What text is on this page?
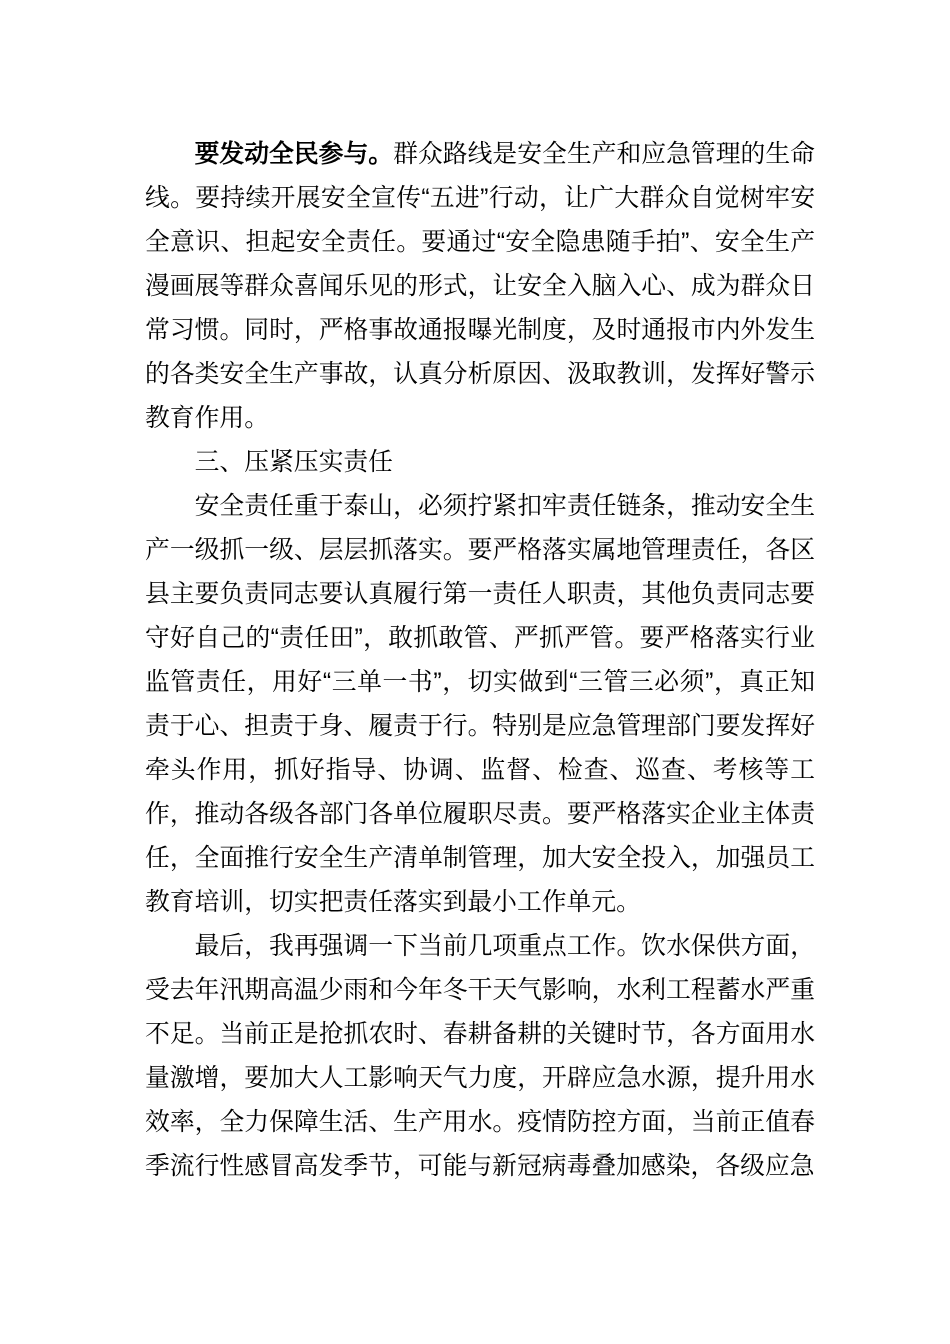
要发动全民参与。群众路线是安全生产和应急管理的生命线。要持续开展安全宣传“五进”行动，让广大群众自觉树牢安全意识、担起安全责任。要通过“安全隐患随手拍”、安全生产漫画展等群众喜闻乐见的形式，让安全入脑入心、成为群众日常习惯。同时，严格事故通报曝光制度，及时通报市内外发生的各类安全生产事故，认真分析原因、汲取教训，发挥好警示教育作用。

三、压紧压实责任

安全责任重于泰山，必须拧紧扣牢责任链条，推动安全生产一级抓一级、层层抓落实。要严格落实属地管理责任，各区县主要负责同志要认真履行第一责任人职责，其他负责同志要守好自己的“责任田”，敢抓敢管、严抓严管。要严格落实行业监管责任，用好“三单一书”，切实做到“三管三必须”，真正知责于心、担责于身、履责于行。特别是应急管理部门要发挥好牵头作用，抓好指导、协调、监督、检查、巡查、考核等工作，推动各级各部门各单位履职尽责。要严格落实企业主体责任，全面推行安全生产清单制管理，加大安全投入，加强员工教育培训，切实把责任落实到最小工作单元。

最后，我再强调一下当前几项重点工作。饮水保供方面，受去年汛期高温少雨和今年冬干天气影响，水利工程蓄水严重不足。当前正是抢抓农时、春耕备耕的关键时节，各方面用水量激增，要加大人工影响天气力度，开辟应急水源，提升用水效率，全力保障生活、生产用水。疫情防控方面，当前正值春季流行性感冒高发季节，可能与新冠病毒叠加感染，各级应急
